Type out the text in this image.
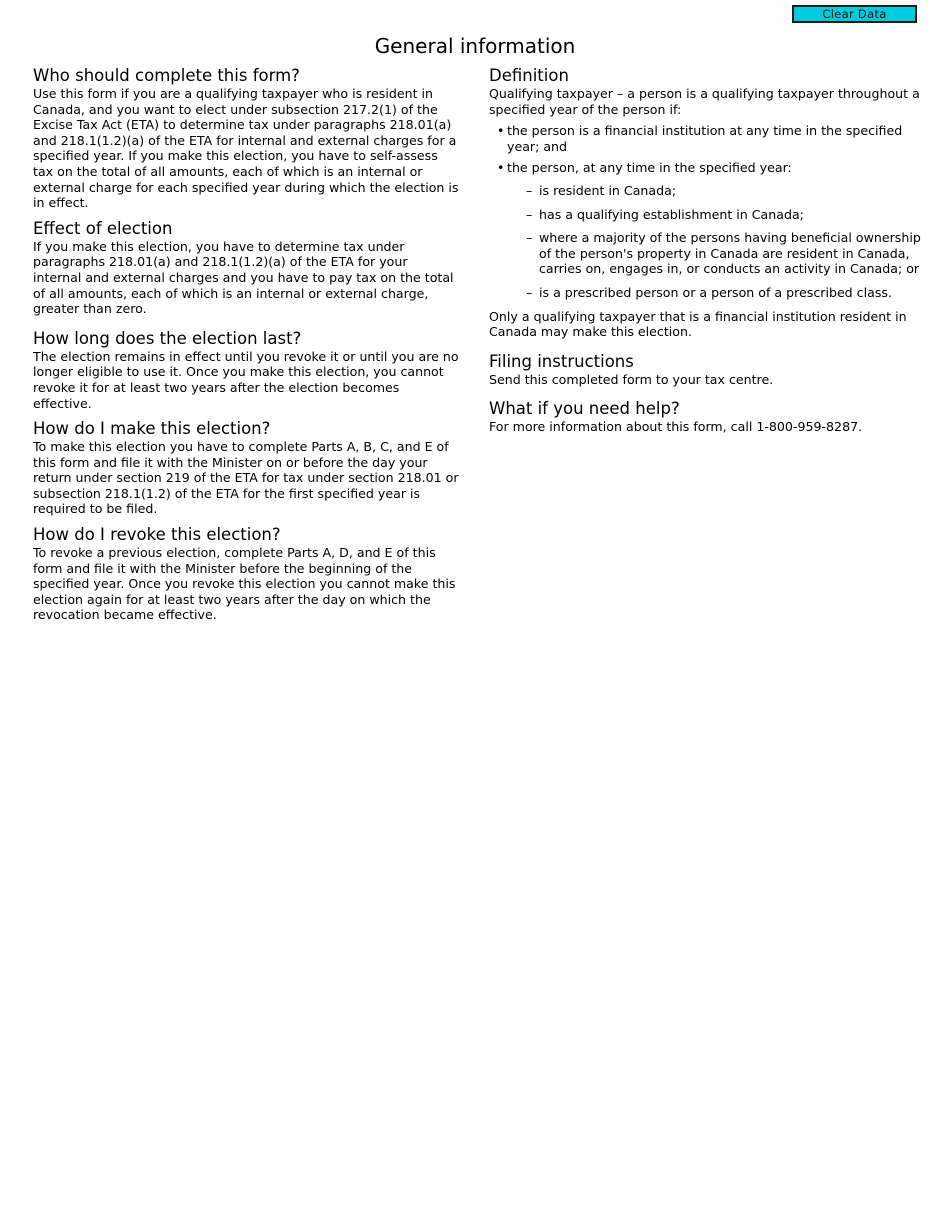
Clear Data
General information
Who should complete this form?

Use this form if you are a qualifying taxpayer who is resident in Canada, and you want to elect under subsection 217.2(1) of the Excise Tax Act (ETA) to determine tax under paragraphs 218.01(a) and 218.1(1.2)(a) of the ETA for internal and external charges for a specified year. If you make this election, you have to self-assess tax on the total of all amounts, each of which is an internal or external charge for each specified year during which the election is in effect.

Effect of election

If you make this election, you have to determine tax under paragraphs 218.01(a) and 218.1(1.2)(a) of the ETA for your internal and external charges and you have to pay tax on the total of all amounts, each of which is an internal or external charge, greater than zero.

How long does the election last?

The election remains in effect until you revoke it or until you are no longer eligible to use it. Once you make this election, you cannot revoke it for at least two years after the election becomes effective.

How do I make this election?

To make this election you have to complete Parts A, B, C, and E of this form and file it with the Minister on or before the day your return under section 219 of the ETA for tax under section 218.01 or subsection 218.1(1.2) of the ETA for the first specified year is required to be filed.

How do I revoke this election?

To revoke a previous election, complete Parts A, D, and E of this form and file it with the Minister before the beginning of the specified year. Once you revoke this election you cannot make this election again for at least two years after the day on which the revocation became effective.

Definition

Qualifying taxpayer – a person is a qualifying taxpayer throughout a specified year of the person if:

• the person is a financial institution at any time in the specified year; and
• the person, at any time in the specified year:
– is resident in Canada;
– has a qualifying establishment in Canada;
– where a majority of the persons having beneficial ownership of the person's property in Canada are resident in Canada, carries on, engages in, or conducts an activity in Canada; or
– is a prescribed person or a person of a prescribed class.

Only a qualifying taxpayer that is a financial institution resident in Canada may make this election.

Filing instructions

Send this completed form to your tax centre.

What if you need help?

For more information about this form, call 1-800-959-8287.
